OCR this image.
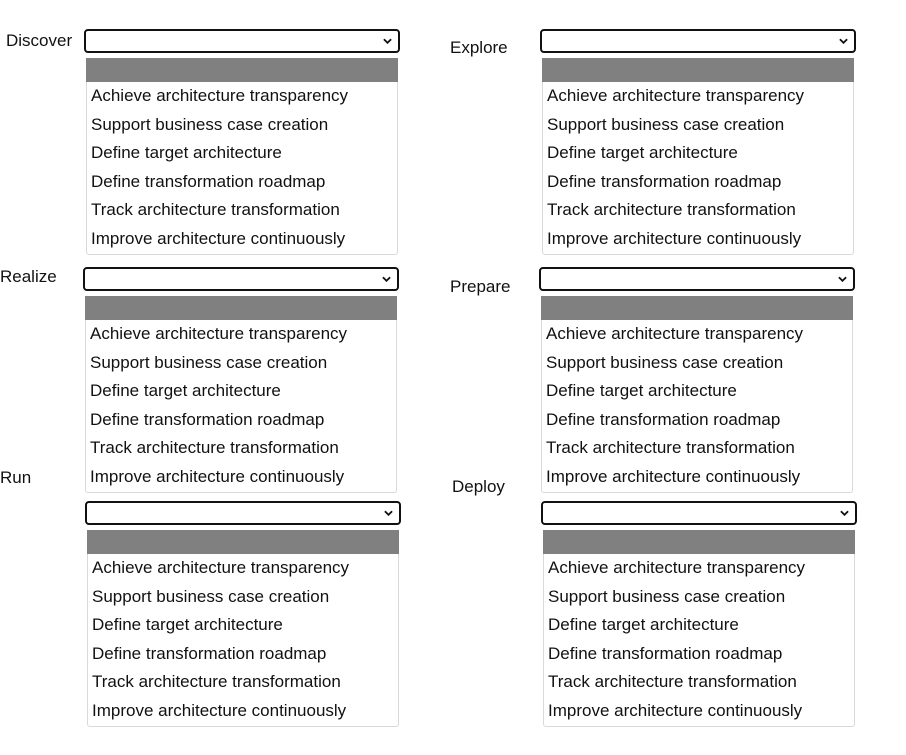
Discover	Explore
Realize
Prepare
Run	Deploy
Achieve architecture transparency
Support business case creation
Define target architecture
Define transformation roadmap
Track architecture transformation
Improve architecture continuously
Achieve architecture transparency
Support business case creation
Define target architecture
Define transformation roadmap
Track architecture transformation
Improve architecture continuously
Achieve architecture transparency
Support business case creation
Define target architecture
Define transformation roadmap
Track architecture transformation
Improve architecture continuously
Achieve architecture transparency
Support business case creation
Define target architecture
Define transformation roadmap
Track architecture transformation
Improve architecture continuously
Achieve architecture transparency
Support business case creation
Define target architecture
Define transformation roadmap
Track architecture transformation
Improve architecture continuously
Achieve architecture transparency
Support business case creation
Define target architecture
Define transformation roadmap
Track architecture transformation
Improve architecture continuously
